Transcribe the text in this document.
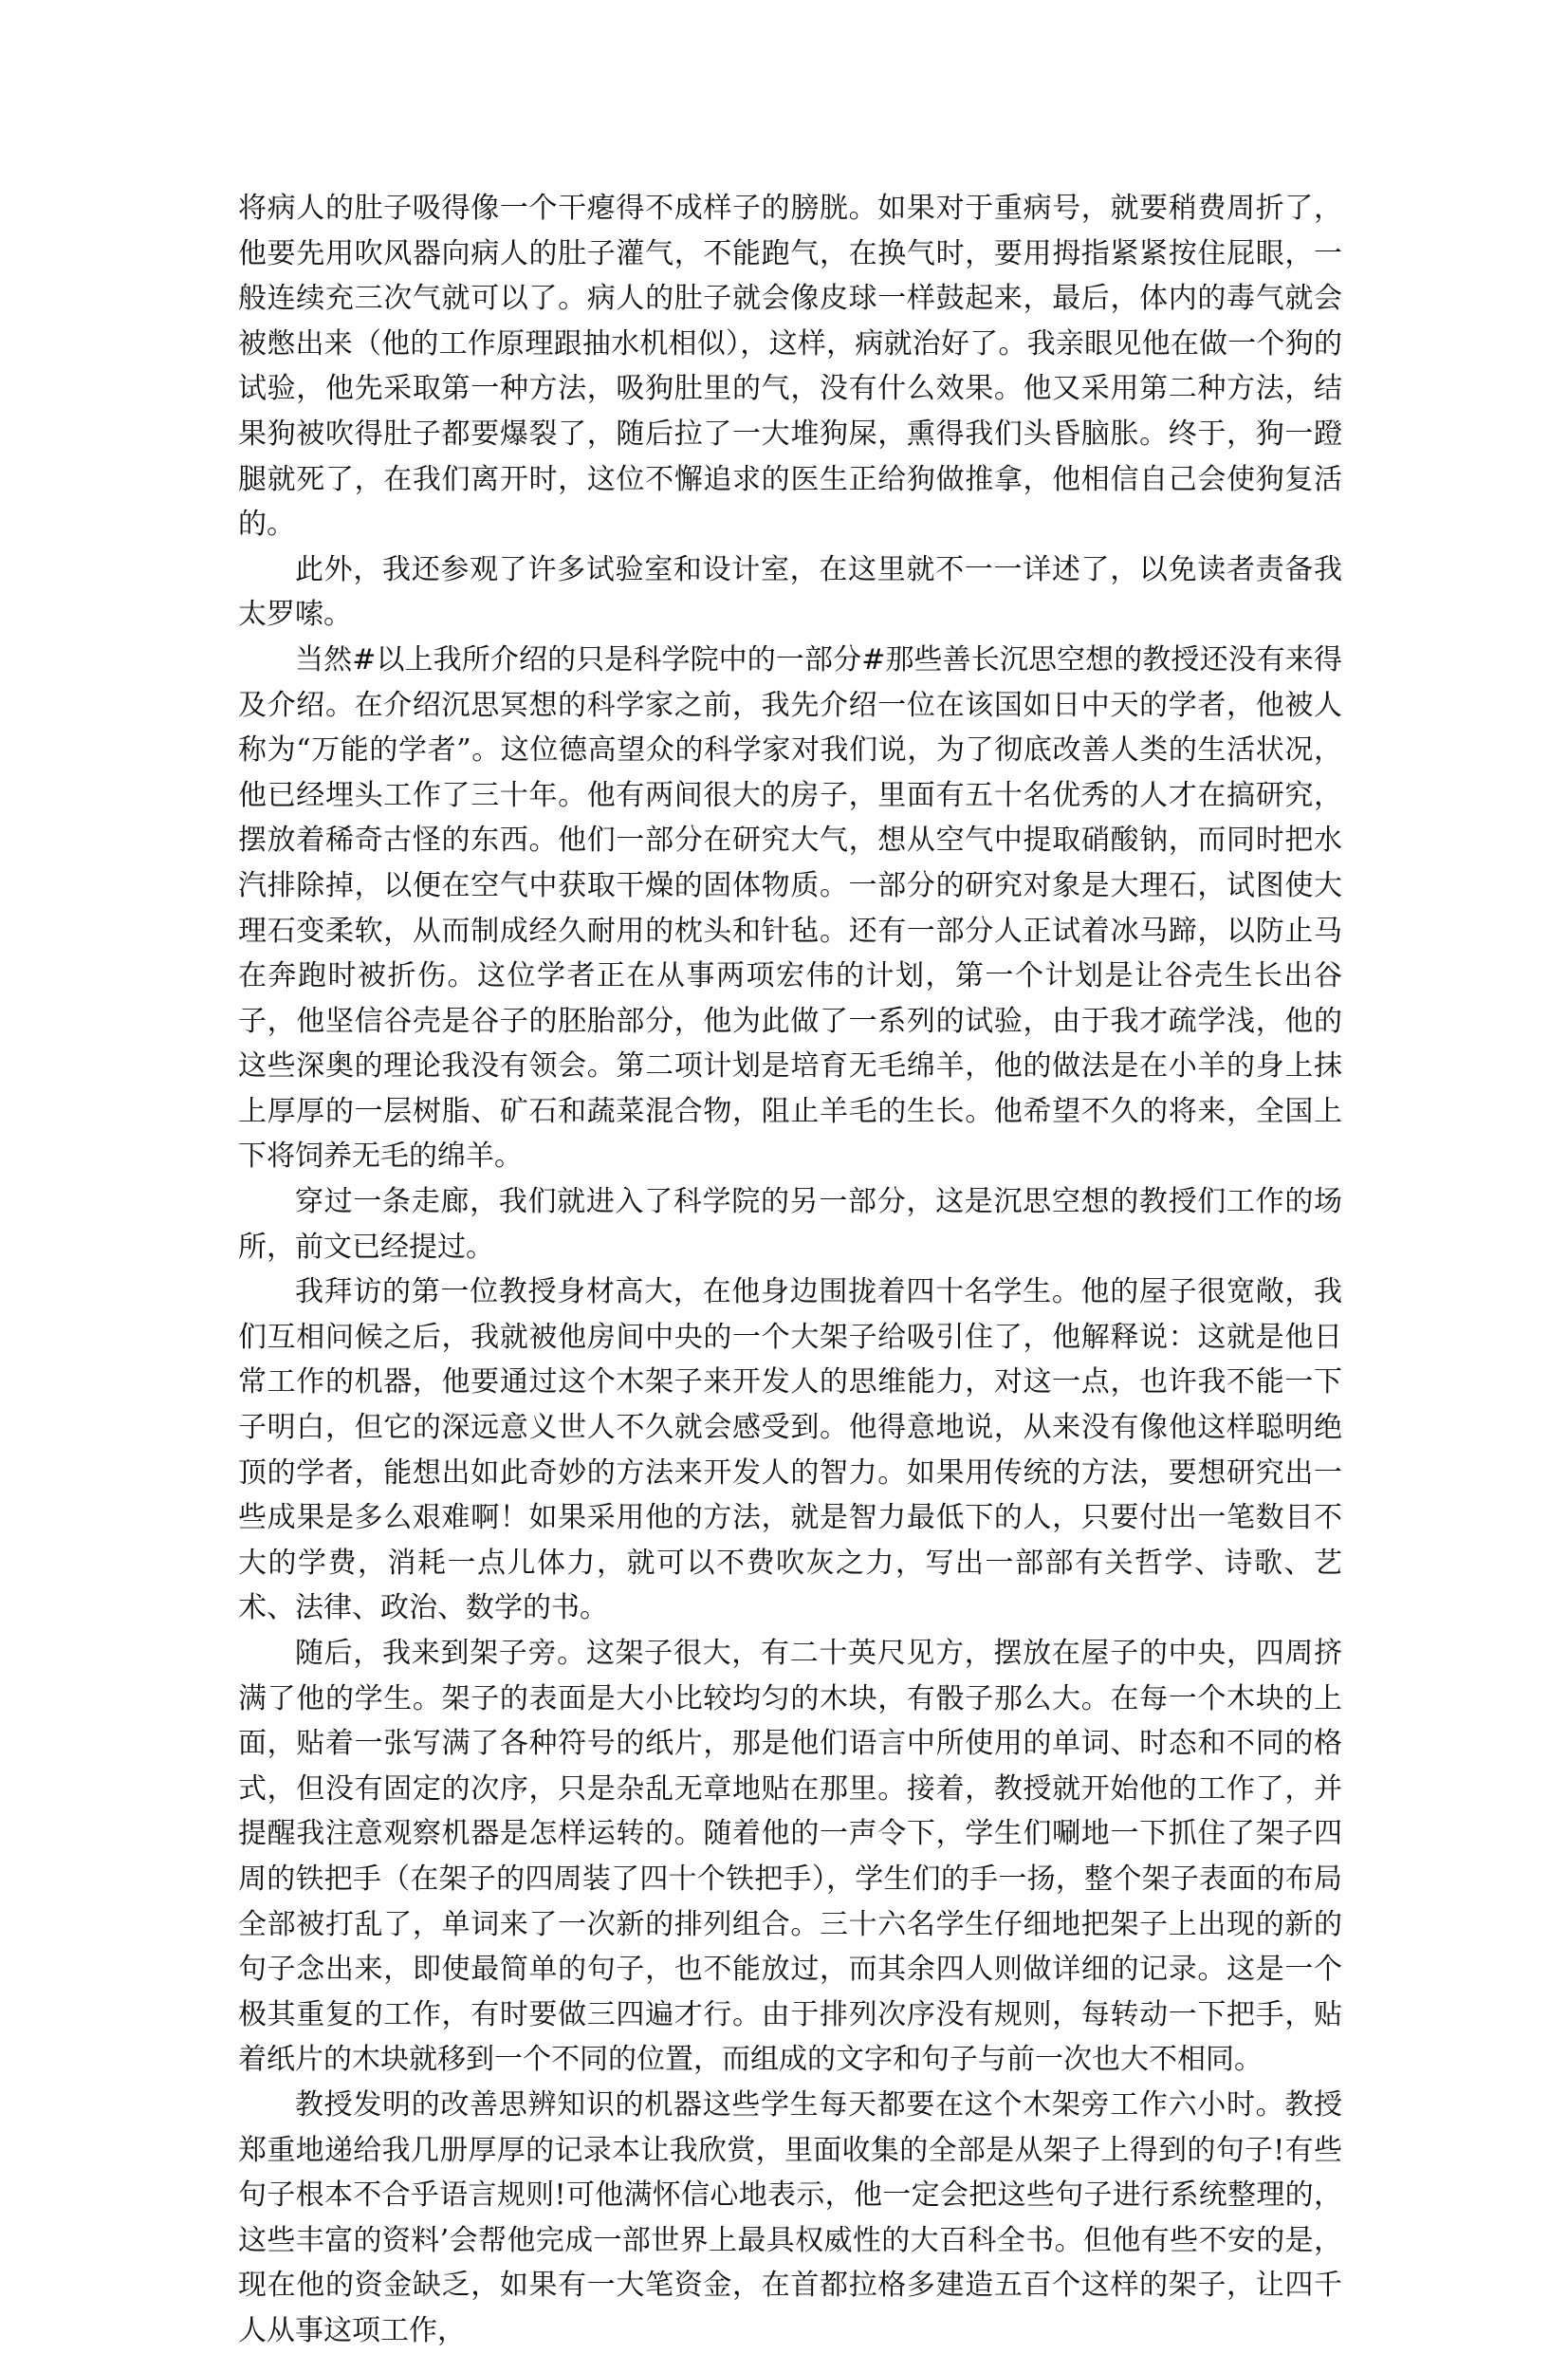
将病人的肚子吸得像一个干瘪得不成样子的膀胱。如果对于重病号，就要稍费周折了，他要先用吹风器向病人的肚子灌气，不能跑气，在换气时，要用拇指紧紧按住屁眼，一般连续充三次气就可以了。病人的肚子就会像皮球一样鼓起来，最后，体内的毒气就会被憋出来（他的工作原理跟抽水机相似），这样，病就治好了。我亲眼见他在做一个狗的试验，他先采取第一种方法，吸狗肚里的气，没有什么效果。他又采用第二种方法，结果狗被吹得肚子都要爆裂了，随后拉了一大堆狗屎，熏得我们头昏脑胀。终于，狗一蹬腿就死了，在我们离开时，这位不懈追求的医生正给狗做推拿，他相信自己会使狗复活的。

此外，我还参观了许多试验室和设计室，在这里就不一一详述了，以免读者责备我太罗嗦。

当然#以上我所介绍的只是科学院中的一部分#那些善长沉思空想的教授还没有来得及介绍。在介绍沉思冥想的科学家之前，我先介绍一位在该国如日中天的学者，他被人称为“万能的学者”。这位德高望众的科学家对我们说，为了彻底改善人类的生活状况，他已经埋头工作了三十年。他有两间很大的房子，里面有五十名优秀的人才在搞研究，摆放着稀奇古怪的东西。他们一部分在研究大气，想从空气中提取硝酸钠，而同时把水汽排除掉，以便在空气中获取干燥的固体物质。一部分的研究对象是大理石，试图使大理石变柔软，从而制成经久耐用的枕头和针毡。还有一部分人正试着冰马蹄，以防止马在奔跑时被折伤。这位学者正在从事两项宏伟的计划，第一个计划是让谷壳生长出谷子，他坚信谷壳是谷子的胚胎部分，他为此做了一系列的试验，由于我才疏学浅，他的这些深奥的理论我没有领会。第二项计划是培育无毛绵羊，他的做法是在小羊的身上抹上厚厚的一层树脂、矿石和蔬菜混合物，阻止羊毛的生长。他希望不久的将来，全国上下将饲养无毛的绵羊。

穿过一条走廊，我们就进入了科学院的另一部分，这是沉思空想的教授们工作的场所，前文已经提过。

我拜访的第一位教授身材高大，在他身边围拢着四十名学生。他的屋子很宽敞，我们互相问候之后，我就被他房间中央的一个大架子给吸引住了，他解释说：这就是他日常工作的机器，他要通过这个木架子来开发人的思维能力，对这一点，也许我不能一下子明白，但它的深远意义世人不久就会感受到。他得意地说，从来没有像他这样聪明绝顶的学者，能想出如此奇妙的方法来开发人的智力。如果用传统的方法，要想研究出一些成果是多么艰难啊！如果采用他的方法，就是智力最低下的人，只要付出一笔数目不大的学费，消耗一点儿体力，就可以不费吹灰之力，写出一部部有关哲学、诗歌、艺术、法律、政治、数学的书。

随后，我来到架子旁。这架子很大，有二十英尺见方，摆放在屋子的中央，四周挤满了他的学生。架子的表面是大小比较均匀的木块，有骰子那么大。在每一个木块的上面，贴着一张写满了各种符号的纸片，那是他们语言中所使用的单词、时态和不同的格式，但没有固定的次序，只是杂乱无章地贴在那里。接着，教授就开始他的工作了，并提醒我注意观察机器是怎样运转的。随着他的一声令下，学生们唰地一下抓住了架子四周的铁把手（在架子的四周装了四十个铁把手），学生们的手一扬，整个架子表面的布局全部被打乱了，单词来了一次新的排列组合。三十六名学生仔细地把架子上出现的新的句子念出来，即使最简单的句子，也不能放过，而其余四人则做详细的记录。这是一个极其重复的工作，有时要做三四遍才行。由于排列次序没有规则，每转动一下把手，贴着纸片的木块就移到一个不同的位置，而组成的文字和句子与前一次也大不相同。

教授发明的改善思辨知识的机器这些学生每天都要在这个木架旁工作六小时。教授郑重地递给我几册厚厚的记录本让我欣赏，里面收集的全部是从架子上得到的句子!有些句子根本不合乎语言规则!可他满怀信心地表示，他一定会把这些句子进行系统整理的，这些丰富的资料’会帮他完成一部世界上最具权威性的大百科全书。但他有些不安的是，现在他的资金缺乏，如果有一大笔资金，在首都拉格多建造五百个这样的架子，让四千人从事这项工作，
